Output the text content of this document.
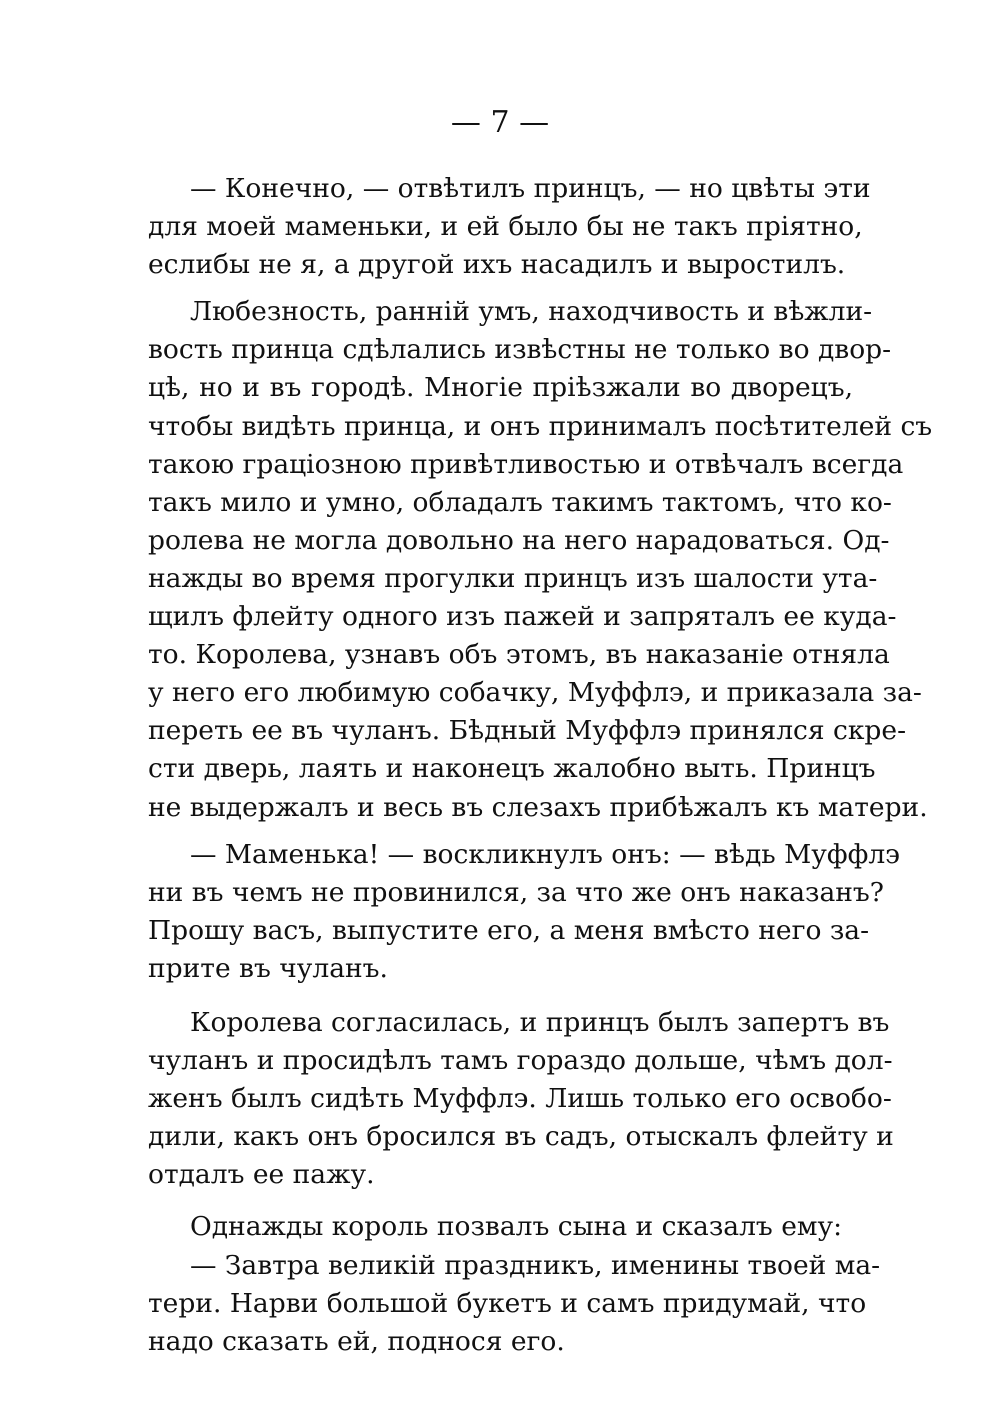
— 7 —
— Конечно, — отвѣтилъ принцъ, — но цвѣты эти
для моей маменьки, и ей было бы не такъ пріятно,
еслибы не я, а другой ихъ насадилъ и выростилъ.
Любезность, раннiй умъ, находчивость и вѣжли-
вость принца сдѣлались извѣстны не только во двор-
цѣ, но и въ городѣ. Многіе пріѣзжали во дворецъ,
чтобы видѣть принца, и онъ принималъ посѣтителей съ
такою граціозною привѣтливостью и отвѣчалъ всегда
такъ мило и умно, обладалъ такимъ тактомъ, что ко-
ролева не могла довольно на него нарадоваться. Од-
нажды во время прогулки принцъ изъ шалости ута-
щилъ флейту одного изъ пажей и запряталъ ее куда-
то. Королева, узнавъ объ этомъ, въ наказаніе отняла
у него его любимую собачку, Муффлэ, и приказала за-
переть ее въ чуланъ. Бѣдный Муффлэ принялся скре-
сти дверь, лаять и наконецъ жалобно выть. Принцъ
не выдержалъ и весь въ слезахъ прибѣжалъ къ матери.
— Маменька! — воскликнулъ онъ: — вѣдь Муффлэ
ни въ чемъ не провинился, за что же онъ наказанъ?
Прошу васъ, выпустите его, а меня вмѣсто него за-
прите въ чуланъ.
Королева согласилась, и принцъ былъ запертъ въ
чуланъ и просидѣлъ тамъ гораздо дольше, чѣмъ дол-
женъ былъ сидѣть Муффлэ. Лишь только его освобо-
дили, какъ онъ бросился въ садъ, отыскалъ флейту и
отдалъ ее пажу.
Однажды король позвалъ сына и сказалъ ему:
— Завтра великій праздникъ, именины твоей ма-
тери. Нарви большой букетъ и самъ придумай, что
надо сказать ей, поднося его.
